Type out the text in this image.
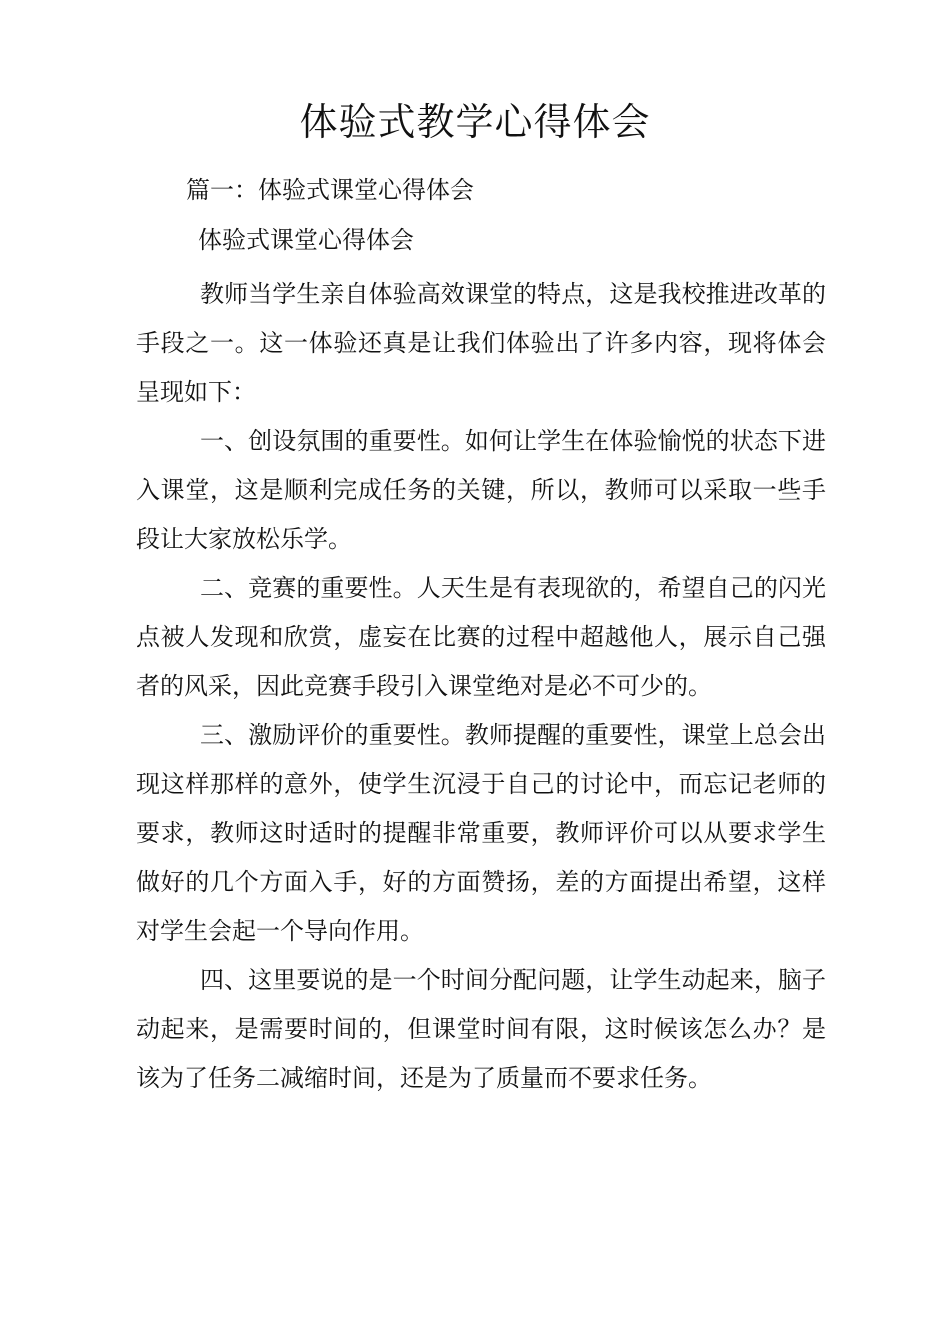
体验式教学心得体会
篇一：体验式课堂心得体会
体验式课堂心得体会

教师当学生亲自体验高效课堂的特点，这是我校推进改革的手段之一。这一体验还真是让我们体验出了许多内容，现将体会呈现如下：

一、创设氛围的重要性。如何让学生在体验愉悦的状态下进入课堂，这是顺利完成任务的关键，所以，教师可以采取一些手段让大家放松乐学。

二、竞赛的重要性。人天生是有表现欲的，希望自己的闪光点被人发现和欣赏，虚妄在比赛的过程中超越他人，展示自己强者的风采，因此竞赛手段引入课堂绝对是必不可少的。

三、激励评价的重要性。教师提醒的重要性，课堂上总会出现这样那样的意外，使学生沉浸于自己的讨论中，而忘记老师的要求，教师这时适时的提醒非常重要，教师评价可以从要求学生做好的几个方面入手，好的方面赞扬，差的方面提出希望，这样对学生会起一个导向作用。

四、这里要说的是一个时间分配问题，让学生动起来，脑子动起来，是需要时间的，但课堂时间有限，这时候该怎么办？是该为了任务二减缩时间，还是为了质量而不要求任务。
